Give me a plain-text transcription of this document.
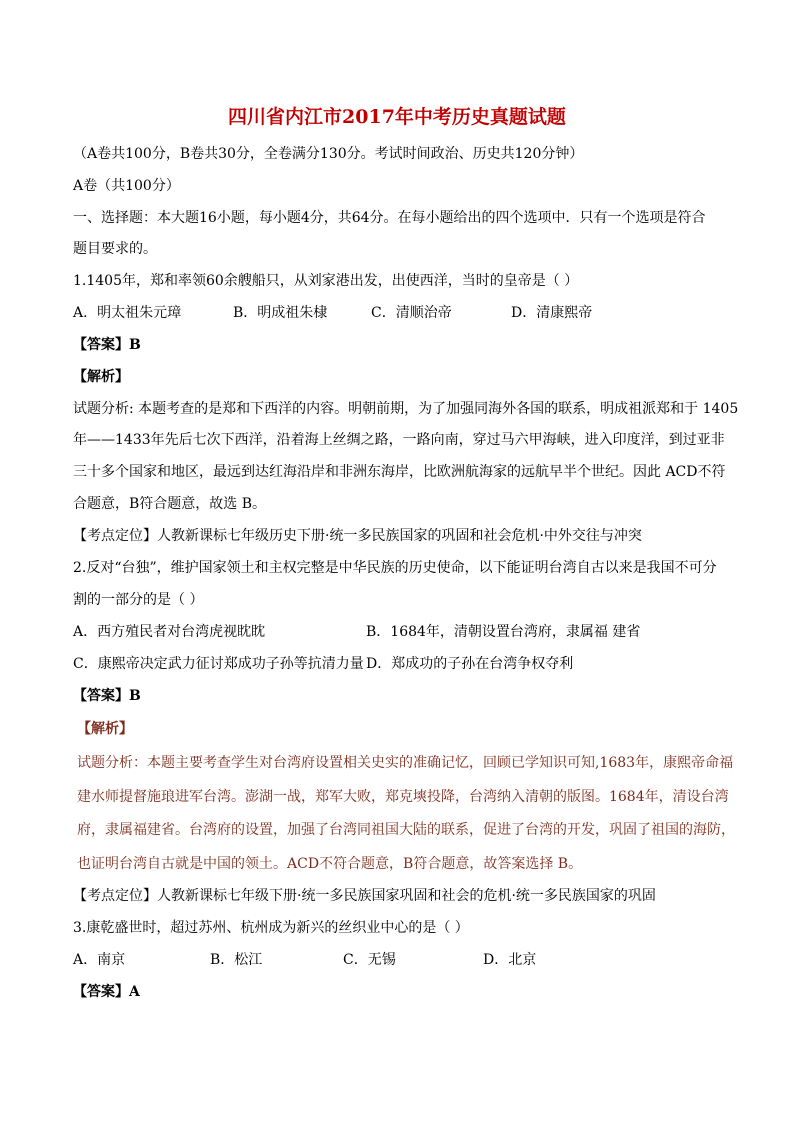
四川省内江市2017年中考历史真题试题
（A卷共100分，B卷共30分，全卷满分130分。考试时间政治、历史共120分钟）
A卷（共100分）
一、选择题：本大题16小题，每小题4分，共64分。在每小题给出的四个选项中．只有一个选项是符合
题目要求的。
1.1405年，郑和率领60余艘船只，从刘家港出发，出使西洋，当时的皇帝是（ ）
A．明太祖朱元璋	B．明成祖朱棣	C．清顺治帝	D．清康熙帝
【答案】B
【解析】
试题分析: 本题考查的是郑和下西洋的内容。明朝前期，为了加强同海外各国的联系，明成祖派郑和于 1405
年——1433年先后七次下西洋，沿着海上丝绸之路，一路向南，穿过马六甲海峡，进入印度洋，到过亚非
三十多个国家和地区，最远到达红海沿岸和非洲东海岸，比欧洲航海家的远航早半个世纪。因此 ACD不符
合题意，B符合题意，故选 B。
【考点定位】人教新课标七年级历史下册·统一多民族国家的巩固和社会危机·中外交往与冲突
2.反对“台独”，维护国家领土和主权完整是中华民族的历史使命，以下能证明台湾自古以来是我国不可分
割的一部分的是（ ）
A．西方殖民者对台湾虎视眈眈	B．1684年，清朝设置台湾府，隶属福 建省
C．康熙帝决定武力征讨郑成功子孙等抗清力量 D．郑成功的子孙在台湾争权夺利
【答案】B
【解析】
试题分析：本题主要考查学生对台湾府设置相关史实的准确记忆，回顾已学知识可知,1683年，康熙帝命福
建水师提督施琅进军台湾。澎湖一战，郑军大败，郑克塽投降，台湾纳入清朝的版图。1684年，清设台湾
府，隶属福建省。台湾府的设置，加强了台湾同祖国大陆的联系，促进了台湾的开发，巩固了祖国的海防，
也证明台湾自古就是中国的领土。ACD不符合题意，B符合题意，故答案选择 B。
【考点定位】人教新课标七年级下册·统一多民族国家巩固和社会的危机·统一多民族国家的巩固
3.康乾盛世时，超过苏州、杭州成为新兴的丝织业中心的是（ ）
A．南京	B．松江	C．无锡	D．北京
【答案】A
